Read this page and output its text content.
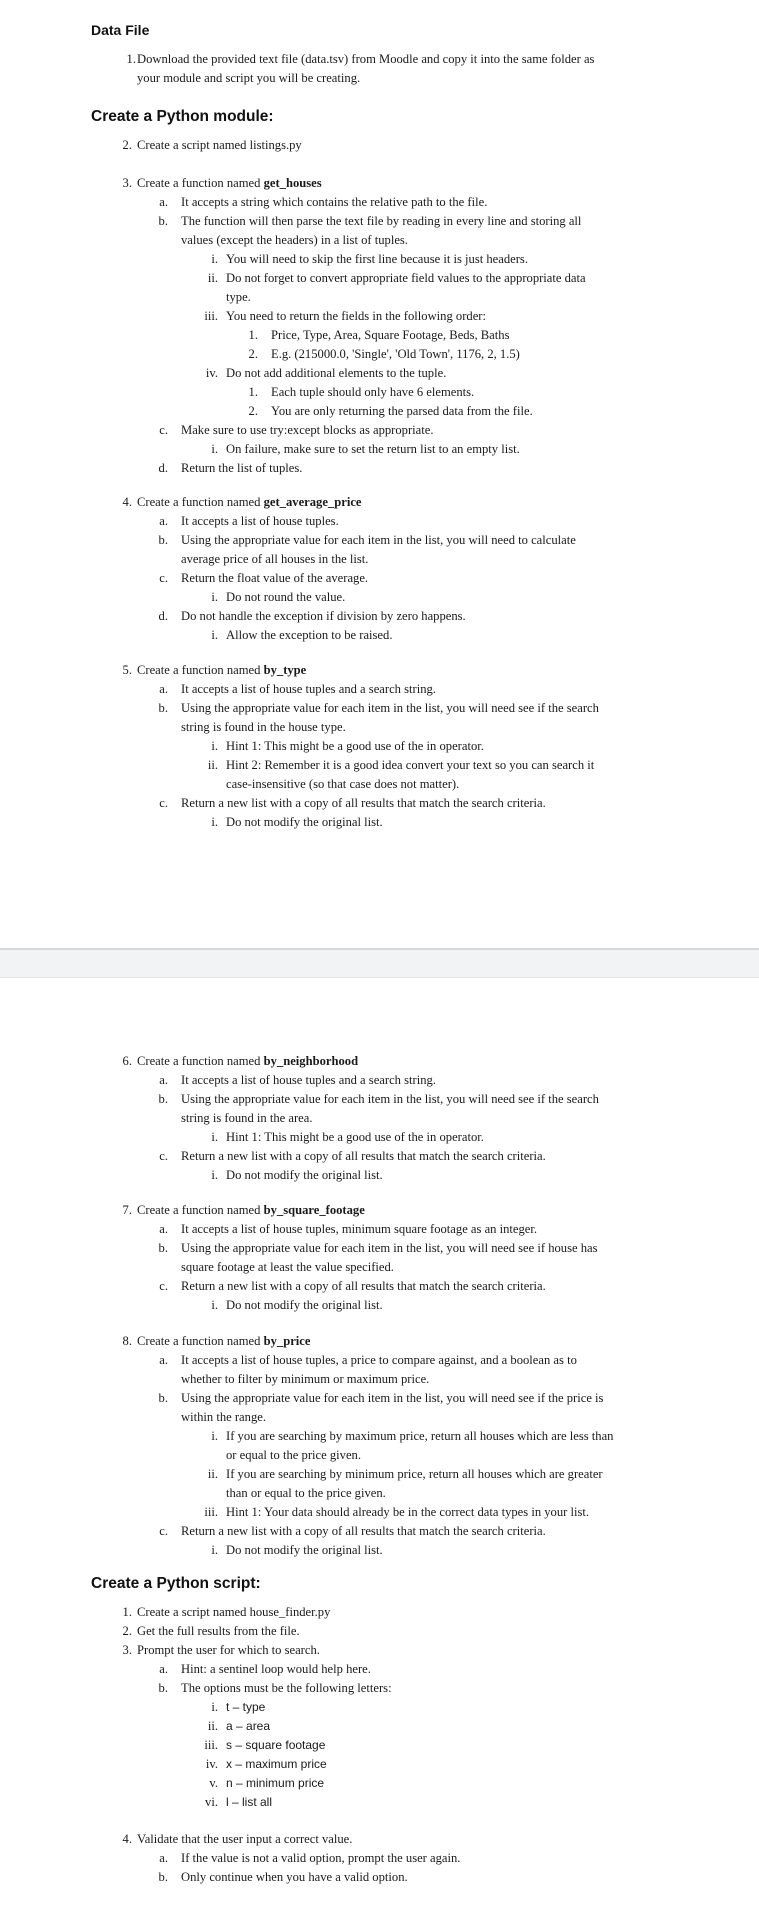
Data File
1. Download the provided text file (data.tsv) from Moodle and copy it into the same folder as
your module and script you will be creating.
Create a Python module:
2. Create a script named listings.py
3. Create a function named get_houses
a. It accepts a string which contains the relative path to the file.
b. The function will then parse the text file by reading in every line and storing all
values (except the headers) in a list of tuples.
i. You will need to skip the first line because it is just headers.
ii. Do not forget to convert appropriate field values to the appropriate data
type.
iii. You need to return the fields in the following order:
1. Price, Type, Area, Square Footage, Beds, Baths
2. E.g. (215000.0, 'Single', 'Old Town', 1176, 2, 1.5)
iv. Do not add additional elements to the tuple.
1. Each tuple should only have 6 elements.
2. You are only returning the parsed data from the file.
c. Make sure to use try:except blocks as appropriate.
i. On failure, make sure to set the return list to an empty list.
d. Return the list of tuples.
4. Create a function named get_average_price
a. It accepts a list of house tuples.
b. Using the appropriate value for each item in the list, you will need to calculate
average price of all houses in the list.
c. Return the float value of the average.
i. Do not round the value.
d. Do not handle the exception if division by zero happens.
i. Allow the exception to be raised.
5. Create a function named by_type
a. It accepts a list of house tuples and a search string.
b. Using the appropriate value for each item in the list, you will need see if the search
string is found in the house type.
i. Hint 1: This might be a good use of the in operator.
ii. Hint 2: Remember it is a good idea convert your text so you can search it
case-insensitive (so that case does not matter).
c. Return a new list with a copy of all results that match the search criteria.
i. Do not modify the original list.
6. Create a function named by_neighborhood
a. It accepts a list of house tuples and a search string.
b. Using the appropriate value for each item in the list, you will need see if the search
string is found in the area.
i. Hint 1: This might be a good use of the in operator.
c. Return a new list with a copy of all results that match the search criteria.
i. Do not modify the original list.
7. Create a function named by_square_footage
a. It accepts a list of house tuples, minimum square footage as an integer.
b. Using the appropriate value for each item in the list, you will need see if house has
square footage at least the value specified.
c. Return a new list with a copy of all results that match the search criteria.
i. Do not modify the original list.
8. Create a function named by_price
a. It accepts a list of house tuples, a price to compare against, and a boolean as to
whether to filter by minimum or maximum price.
b. Using the appropriate value for each item in the list, you will need see if the price is
within the range.
i. If you are searching by maximum price, return all houses which are less than
or equal to the price given.
ii. If you are searching by minimum price, return all houses which are greater
than or equal to the price given.
iii. Hint 1: Your data should already be in the correct data types in your list.
c. Return a new list with a copy of all results that match the search criteria.
i. Do not modify the original list.
Create a Python script:
1. Create a script named house_finder.py
2. Get the full results from the file.
3. Prompt the user for which to search.
a. Hint: a sentinel loop would help here.
b. The options must be the following letters:
i. t – type
ii. a – area
iii. s – square footage
iv. x – maximum price
v. n – minimum price
vi. l – list all
4. Validate that the user input a correct value.
a. If the value is not a valid option, prompt the user again.
b. Only continue when you have a valid option.
